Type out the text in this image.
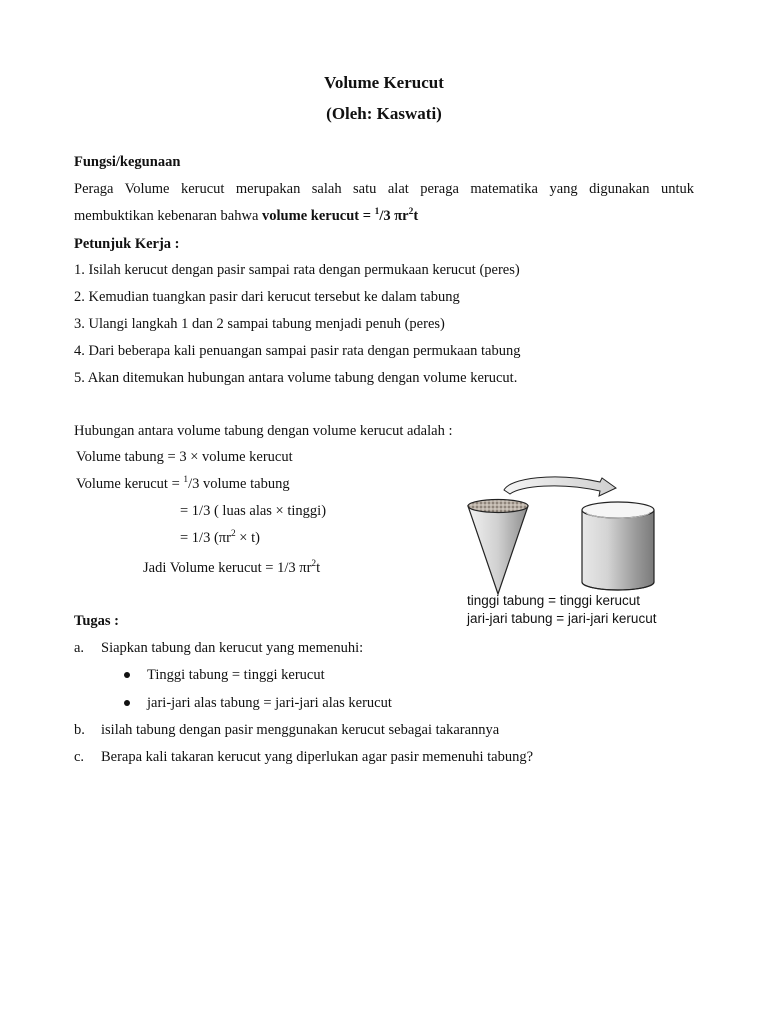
Volume Kerucut
(Oleh: Kaswati)
Fungsi/kegunaan
Peraga Volume kerucut merupakan salah satu alat peraga matematika yang digunakan untuk
membuktikan kebenaran bahwa volume kerucut = $^1$/3 $\pi r^2t$
Petunjuk Kerja :
1. Isilah kerucut dengan pasir sampai rata dengan permukaan kerucut (peres)
2. Kemudian tuangkan pasir dari kerucut tersebut ke dalam tabung
3. Ulangi langkah 1 dan 2 sampai tabung menjadi penuh (peres)
4. Dari beberapa kali penuangan sampai pasir rata dengan permukaan tabung
5. Akan ditemukan hubungan antara volume tabung dengan volume kerucut.
Hubungan antara volume tabung dengan volume kerucut adalah :
Volume tabung = 3 × volume kerucut
Volume kerucut = $^1$/3 volume tabung
= 1/3 ( luas alas × tinggi)
= 1/3 $(\pi r^2 \times t)$
Jadi Volume kerucut = 1/3 $\pi r^2t$
tinggi tabung = tinggi kerucut
jari-jari tabung = jari-jari kerucut
Tugas :
a. Siapkan tabung dan kerucut yang memenuhi:
Tinggi tabung = tinggi kerucut
jari-jari alas tabung = jari-jari alas kerucut
b. isilah tabung dengan pasir menggunakan kerucut sebagai takarannya
c. Berapa kali takaran kerucut yang diperlukan agar pasir memenuhi tabung?
